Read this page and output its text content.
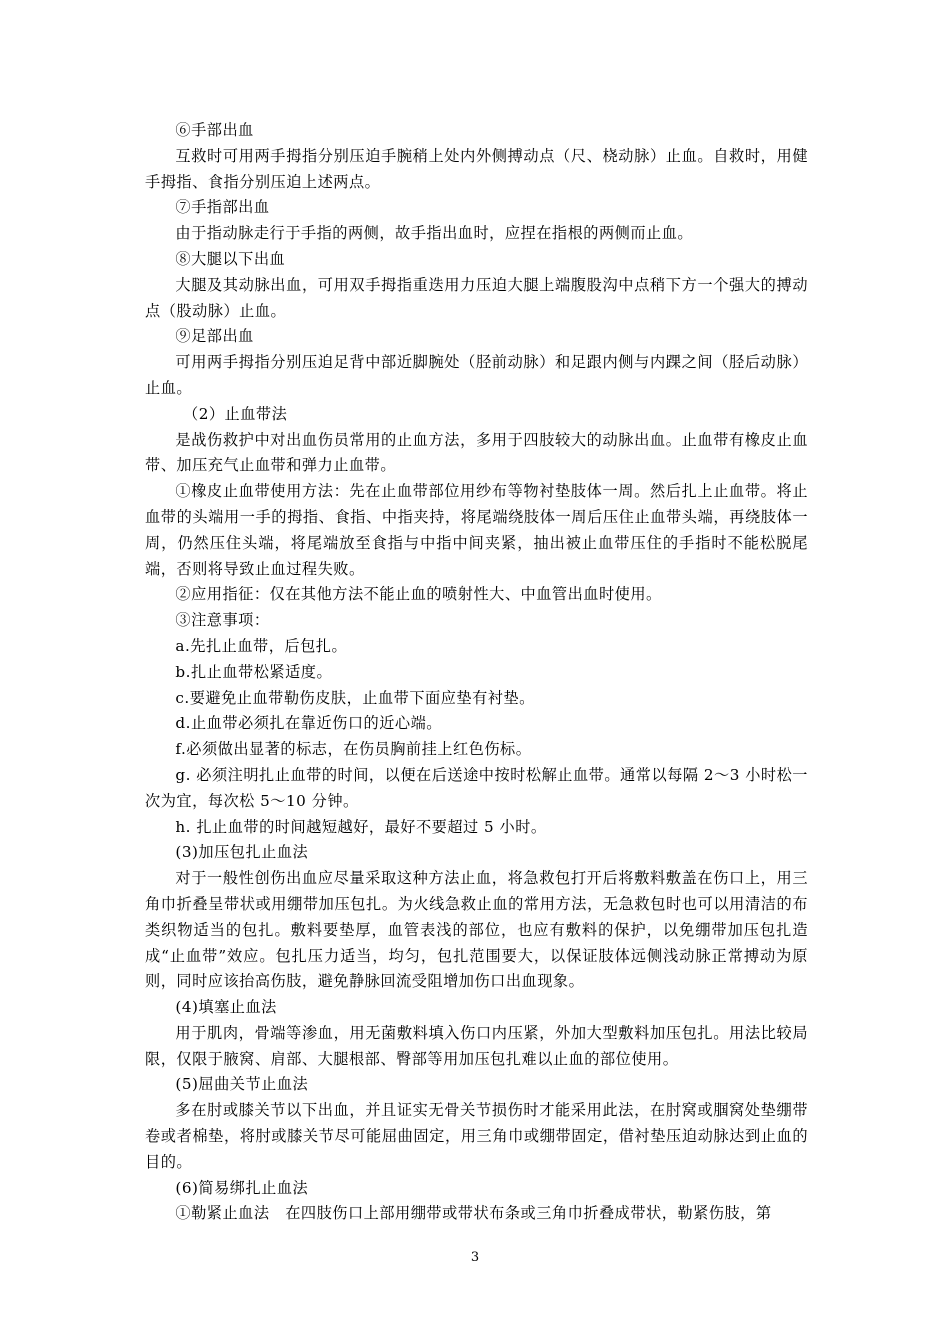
⑥手部出血

互救时可用两手拇指分别压迫手腕稍上处内外侧搏动点（尺、桡动脉）止血。自救时，用健手拇指、食指分别压迫上述两点。

⑦手指部出血

由于指动脉走行于手指的两侧，故手指出血时，应捏在指根的两侧而止血。

⑧大腿以下出血

大腿及其动脉出血，可用双手拇指重迭用力压迫大腿上端腹股沟中点稍下方一个强大的搏动点（股动脉）止血。

⑨足部出血

可用两手拇指分别压迫足背中部近脚腕处（胫前动脉）和足跟内侧与内踝之间（胫后动脉）止血。

（2）止血带法

是战伤救护中对出血伤员常用的止血方法，多用于四肢较大的动脉出血。止血带有橡皮止血带、加压充气止血带和弹力止血带。

①橡皮止血带使用方法：先在止血带部位用纱布等物衬垫肢体一周。然后扎上止血带。将止血带的头端用一手的拇指、食指、中指夹持，将尾端绕肢体一周后压住止血带头端，再绕肢体一周，仍然压住头端，将尾端放至食指与中指中间夹紧，抽出被止血带压住的手指时不能松脱尾端，否则将导致止血过程失败。

②应用指征：仅在其他方法不能止血的喷射性大、中血管出血时使用。

③注意事项：

a.先扎止血带，后包扎。

b.扎止血带松紧适度。

c.要避免止血带勒伤皮肤，止血带下面应垫有衬垫。

d.止血带必须扎在靠近伤口的近心端。

f.必须做出显著的标志，在伤员胸前挂上红色伤标。

g. 必须注明扎止血带的时间，以便在后送途中按时松解止血带。通常以每隔 2～3 小时松一次为宜，每次松 5～10 分钟。

h. 扎止血带的时间越短越好，最好不要超过 5 小时。

(3)加压包扎止血法

对于一般性创伤出血应尽量采取这种方法止血，将急救包打开后将敷料敷盖在伤口上，用三角巾折叠呈带状或用绷带加压包扎。为火线急救止血的常用方法，无急救包时也可以用清洁的布类织物适当的包扎。敷料要垫厚，血管表浅的部位，也应有敷料的保护，以免绷带加压包扎造成“止血带”效应。包扎压力适当，均匀，包扎范围要大，以保证肢体远侧浅动脉正常搏动为原则，同时应该抬高伤肢，避免静脉回流受阻增加伤口出血现象。

(4)填塞止血法

用于肌肉，骨端等渗血，用无菌敷料填入伤口内压紧，外加大型敷料加压包扎。用法比较局限，仅限于腋窝、肩部、大腿根部、臀部等用加压包扎难以止血的部位使用。

(5)屈曲关节止血法

多在肘或膝关节以下出血，并且证实无骨关节损伤时才能采用此法，在肘窝或腘窝处垫绷带卷或者棉垫，将肘或膝关节尽可能屈曲固定，用三角巾或绷带固定，借衬垫压迫动脉达到止血的目的。

(6)简易绑扎止血法

①勒紧止血法　在四肢伤口上部用绷带或带状布条或三角巾折叠成带状，勒紧伤肢，第

3
